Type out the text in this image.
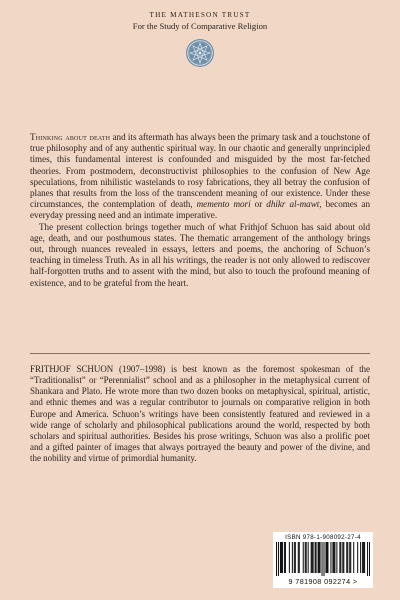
THE MATHESON TRUST
For the Study of Comparative Religion

Thinking about death and its aftermath has always been the primary task and a touchstone of true philosophy and of any authentic spiritual way. In our chaotic and generally unprincipled times, this fundamental interest is confounded and misguided by the most far-fetched theories. From postmodern, deconstructivist philosophies to the confusion of New Age speculations, from nihilistic wastelands to rosy fabrications, they all betray the confusion of planes that results from the loss of the transcendent meaning of our existence. Under these circumstances, the contemplation of death, memento mori or dhikr al-mawt, becomes an everyday pressing need and an intimate imperative.

The present collection brings together much of what Frithjof Schuon has said about old age, death, and our posthumous states. The thematic arrangement of the anthology brings out, through nuances revealed in essays, letters and poems, the anchoring of Schuon’s teaching in timeless Truth. As in all his writings, the reader is not only allowed to rediscover half-forgotten truths and to assent with the mind, but also to touch the profound meaning of existence, and to be grateful from the heart.

FRITHJOF SCHUON (1907–1998) is best known as the foremost spokesman of the “Traditionalist” or “Perennialist” school and as a philosopher in the metaphysical current of Shankara and Plato. He wrote more than two dozen books on metaphysical, spiritual, artistic, and ethnic themes and was a regular contributor to journals on comparative religion in both Europe and America. Schuon’s writings have been consistently featured and reviewed in a wide range of scholarly and philosophical publications around the world, respected by both scholars and spiritual authorities. Besides his prose writings, Schuon was also a prolific poet and a gifted painter of images that always portrayed the beauty and power of the divine, and the nobility and virtue of primordial humanity.

ISBN 978-1-908092-27-4
9 781908 092274 >
